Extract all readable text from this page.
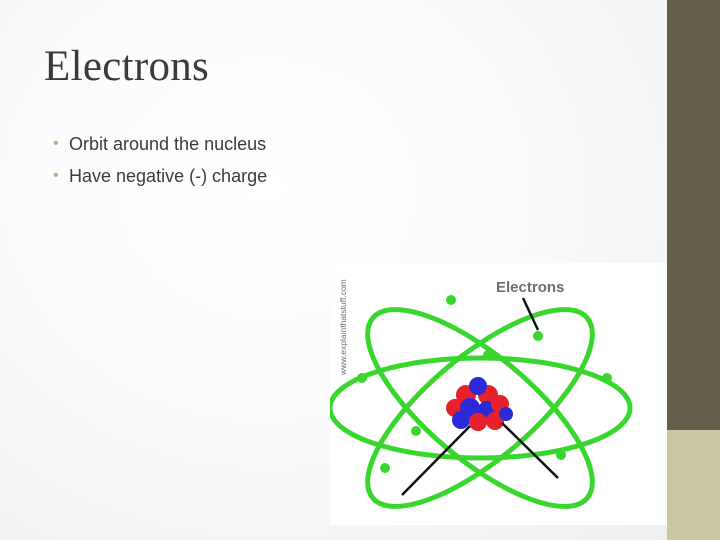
Electrons
• Orbit around the nucleus
• Have negative (-) charge
www.explainthatstuff.com	Electrons
